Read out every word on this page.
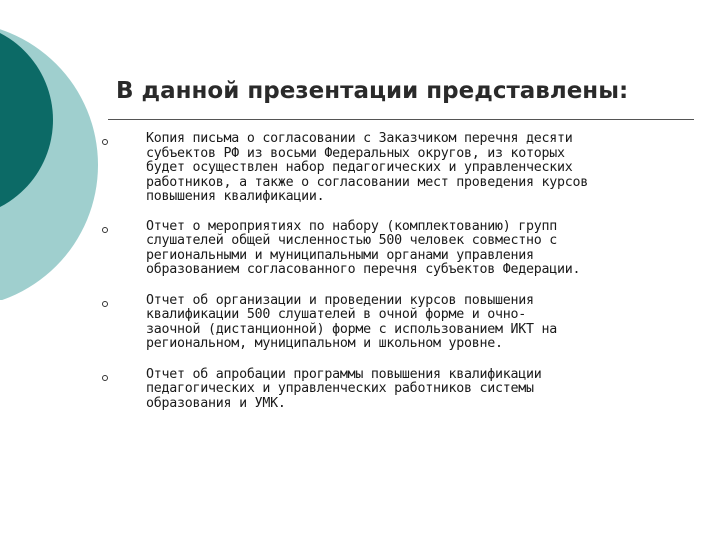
В данной презентации представлены:
Копия письма о согласовании с Заказчиком перечня десяти
субъектов РФ из восьми Федеральных округов, из которых
будет осуществлен набор педагогических и управленческих
работников, а также о согласовании мест проведения курсов
повышения квалификации.
Отчет о мероприятиях по набору (комплектованию) групп
слушателей общей численностью 500 человек совместно с
региональными и муниципальными органами управления
образованием согласованного перечня субъектов Федерации.
Отчет об организации и проведении курсов повышения
квалификации 500 слушателей в очной форме и очно-
заочной (дистанционной) форме с использованием ИКТ на
региональном, муниципальном и школьном уровне.
Отчет об апробации программы повышения квалификации
педагогических и управленческих работников системы
образования и УМК.
